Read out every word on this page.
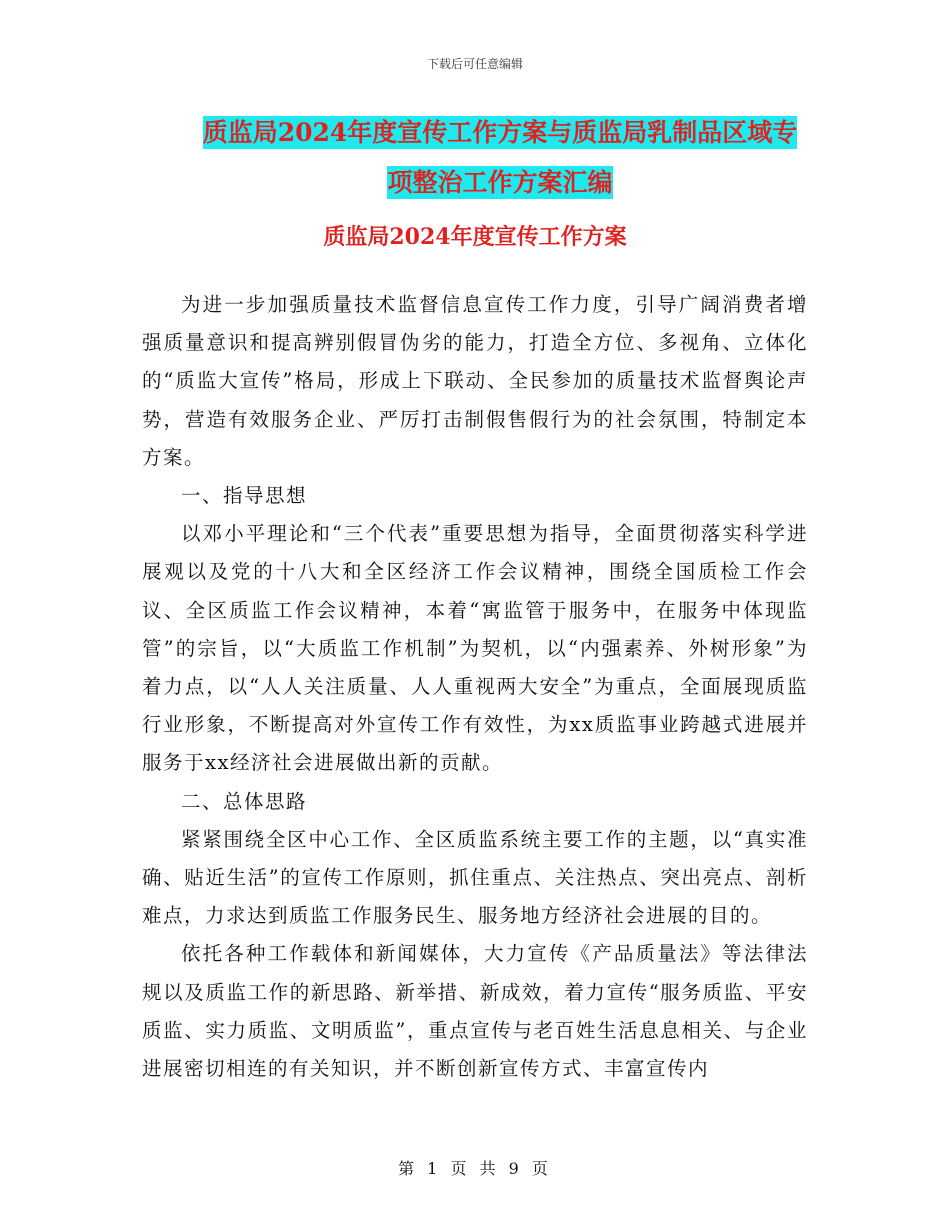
下载后可任意编辑
质监局2024年度宣传工作方案与质监局乳制品区域专
项整治工作方案汇编
质监局2024年度宣传工作方案

为进一步加强质量技术监督信息宣传工作力度，引导广阔消费者增强质量意识和提高辨别假冒伪劣的能力，打造全方位、多视角、立体化的“质监大宣传”格局，形成上下联动、全民参加的质量技术监督舆论声势，营造有效服务企业、严厉打击制假售假行为的社会氛围，特制定本方案。

一、指导思想

以邓小平理论和“三个代表”重要思想为指导，全面贯彻落实科学进展观以及党的十八大和全区经济工作会议精神，围绕全国质检工作会议、全区质监工作会议精神，本着“寓监管于服务中，在服务中体现监管”的宗旨，以“大质监工作机制”为契机，以“内强素养、外树形象”为着力点，以“人人关注质量、人人重视两大安全”为重点，全面展现质监行业形象，不断提高对外宣传工作有效性，为xx质监事业跨越式进展并服务于xx经济社会进展做出新的贡献。

二、总体思路

紧紧围绕全区中心工作、全区质监系统主要工作的主题，以“真实准确、贴近生活”的宣传工作原则，抓住重点、关注热点、突出亮点、剖析难点，力求达到质监工作服务民生、服务地方经济社会进展的目的。

依托各种工作载体和新闻媒体，大力宣传《产品质量法》等法律法规以及质监工作的新思路、新举措、新成效，着力宣传“服务质监、平安质监、实力质监、文明质监”，重点宣传与老百姓生活息息相关、与企业进展密切相连的有关知识，并不断创新宣传方式、丰富宣传内

第 1 页 共 9 页
